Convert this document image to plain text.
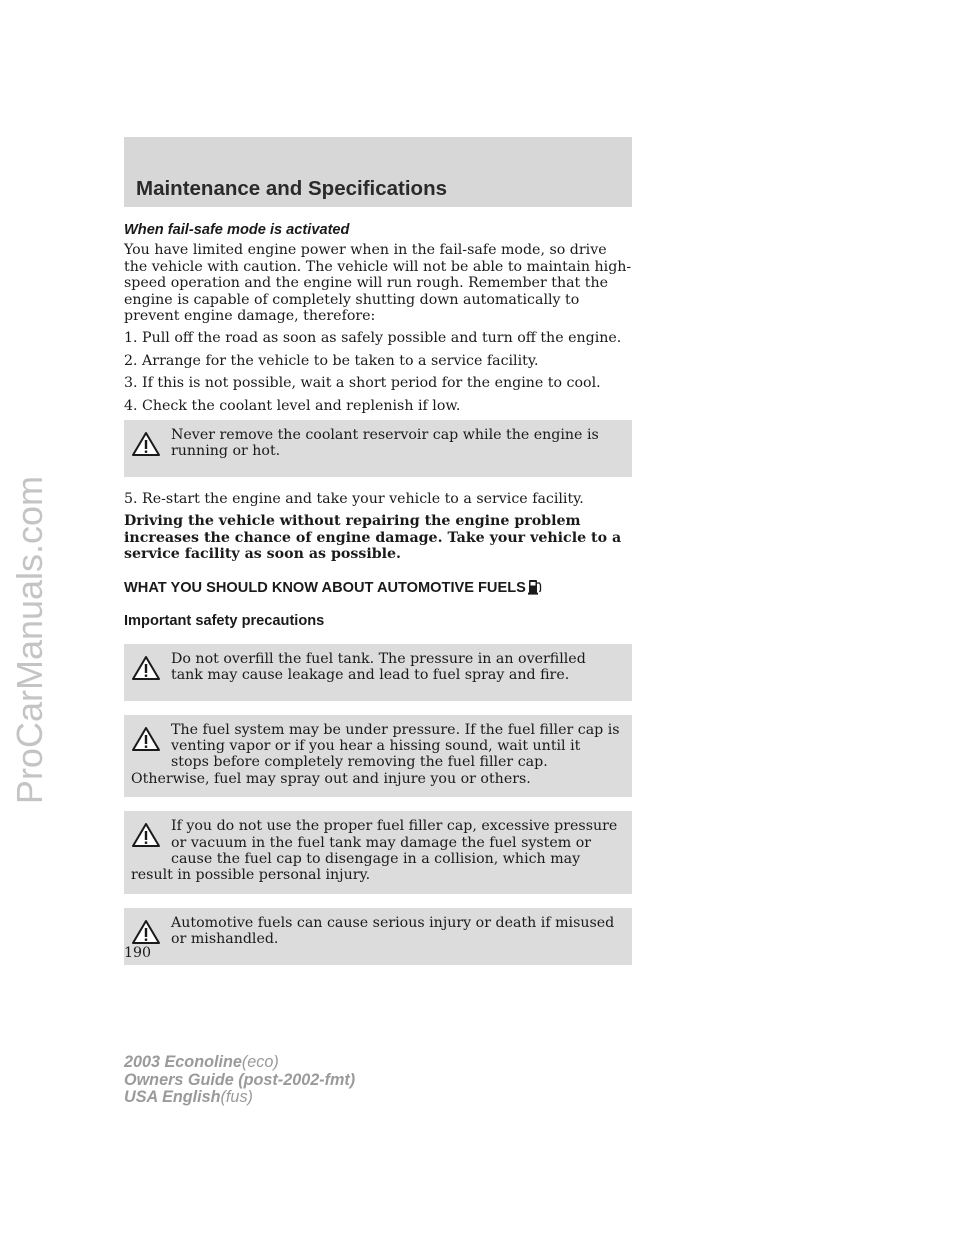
ProCarManuals.com
Maintenance and Specifications

When fail-safe mode is activated

You have limited engine power when in the fail-safe mode, so drive the vehicle with caution. The vehicle will not be able to maintain high-speed operation and the engine will run rough. Remember that the engine is capable of completely shutting down automatically to prevent engine damage, therefore:

1. Pull off the road as soon as safely possible and turn off the engine.

2. Arrange for the vehicle to be taken to a service facility.

3. If this is not possible, wait a short period for the engine to cool.

4. Check the coolant level and replenish if low.

Never remove the coolant reservoir cap while the engine is running or hot.

5. Re-start the engine and take your vehicle to a service facility.

Driving the vehicle without repairing the engine problem increases the chance of engine damage. Take your vehicle to a service facility as soon as possible.

WHAT YOU SHOULD KNOW ABOUT AUTOMOTIVE FUELS

Important safety precautions

Do not overfill the fuel tank. The pressure in an overfilled tank may cause leakage and lead to fuel spray and fire.
The fuel system may be under pressure. If the fuel filler cap is venting vapor or if you hear a hissing sound, wait until it stops before completely removing the fuel filler cap. Otherwise, fuel may spray out and injure you or others.
If you do not use the proper fuel filler cap, excessive pressure or vacuum in the fuel tank may damage the fuel system or cause the fuel cap to disengage in a collision, which may result in possible personal injury.
Automotive fuels can cause serious injury or death if misused or mishandled.
190
2003 Econoline(eco)
Owners Guide (post-2002-fmt)
USA English(fus)
